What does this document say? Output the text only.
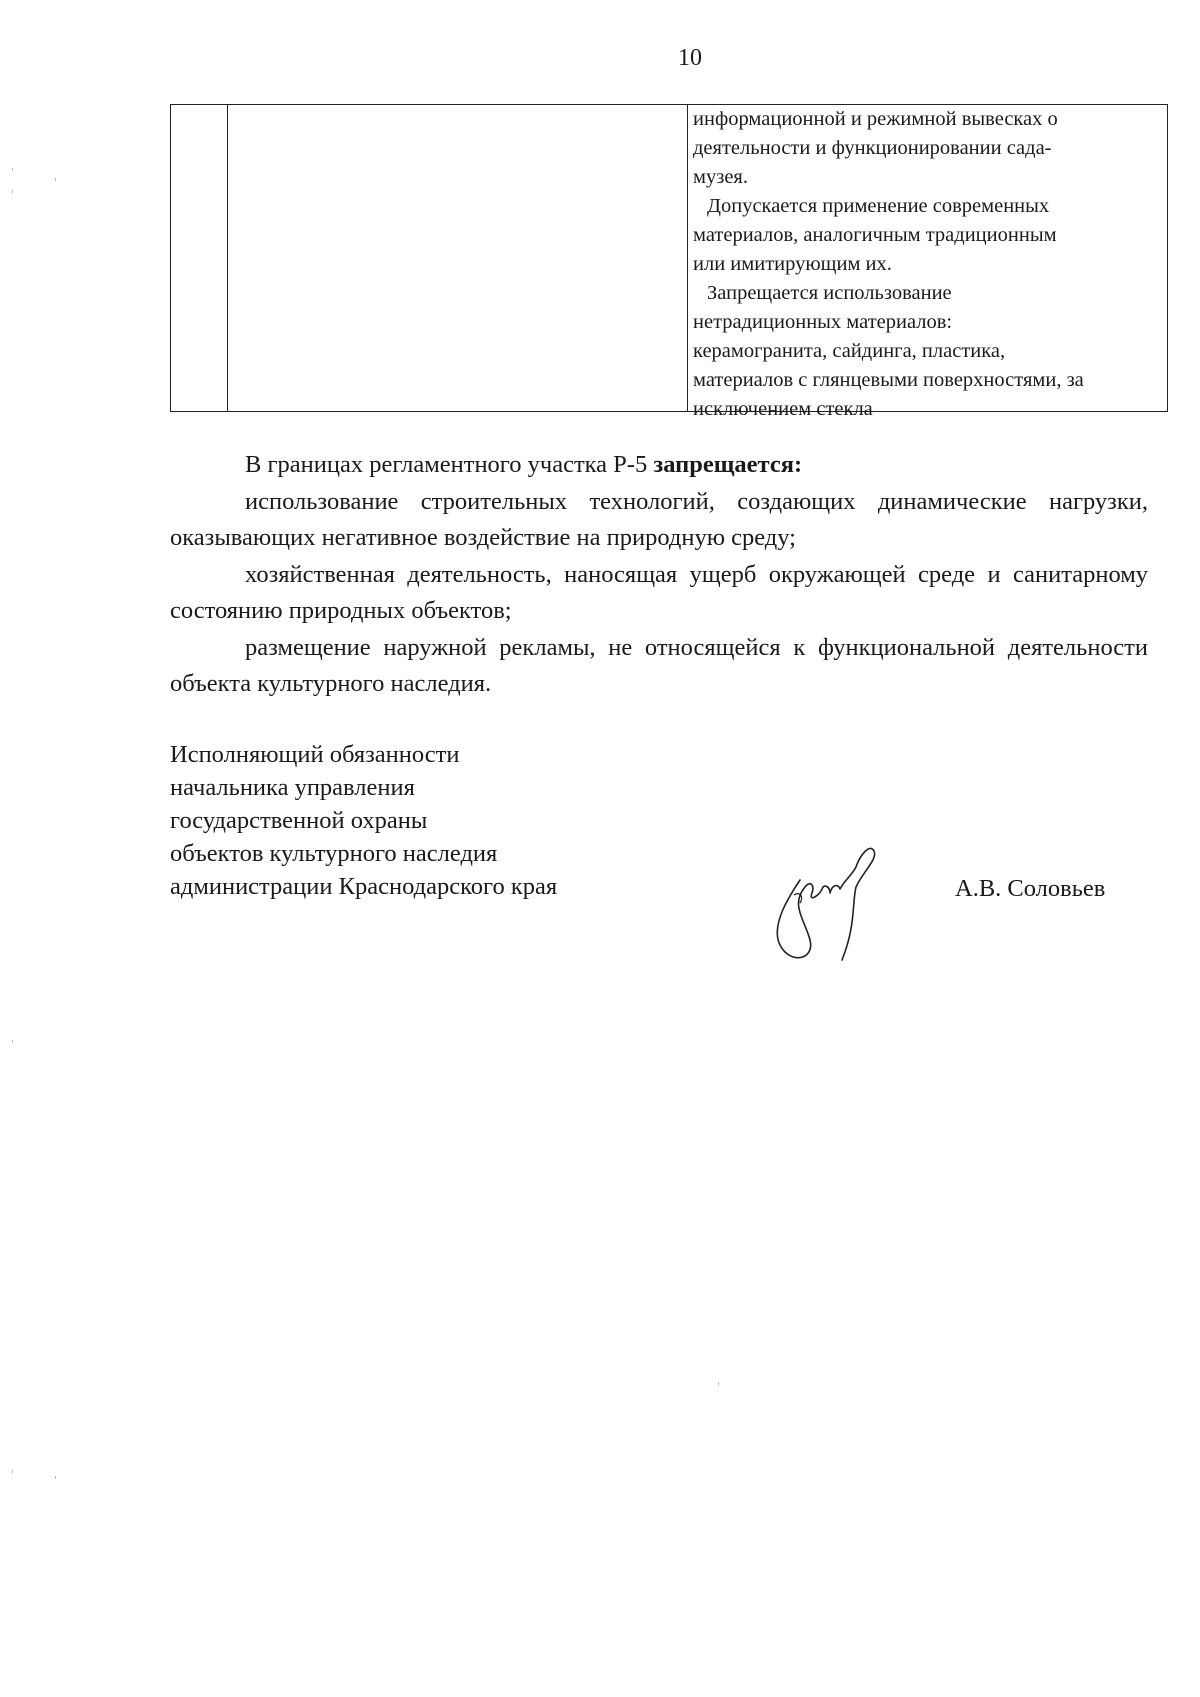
10
информационной и режимной вывесках о
деятельности и функционировании сада-
музея.
Допускается применение современных
материалов, аналогичным традиционным
или имитирующим их.
Запрещается использование
нетрадиционных материалов:
керамогранита, сайдинга, пластика,
материалов с глянцевыми поверхностями, за
исключением стекла

В границах регламентного участка Р-5 запрещается:

использование строительных технологий, создающих динамические нагрузки, оказывающих негативное воздействие на природную среду;

хозяйственная деятельность, наносящая ущерб окружающей среде и санитарному состоянию природных объектов;

размещение наружной рекламы, не относящейся к функциональной деятельности объекта культурного наследия.

Исполняющий обязанности
начальника управления
государственной охраны
объектов культурного наследия
администрации Краснодарского края	А.В. Соловьев
